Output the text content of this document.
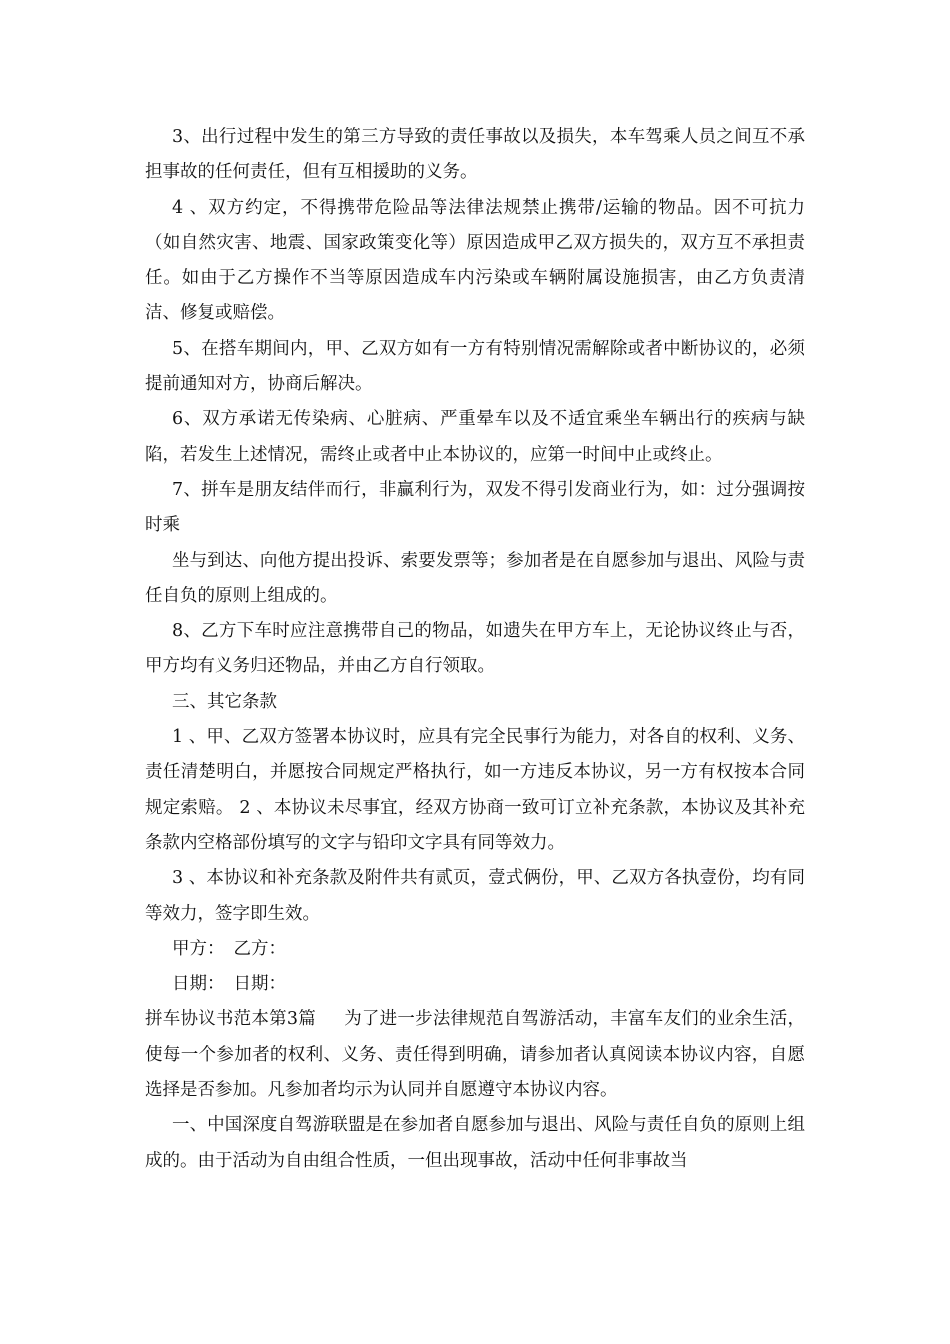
3、出行过程中发生的第三方导致的责任事故以及损失，本车驾乘人员之间互不承担事故的任何责任，但有互相援助的义务。

4 、双方约定，不得携带危险品等法律法规禁止携带/运输的物品。因不可抗力（如自然灾害、地震、国家政策变化等）原因造成甲乙双方损失的，双方互不承担责任。如由于乙方操作不当等原因造成车内污染或车辆附属设施损害，由乙方负责清洁、修复或赔偿。

5、在搭车期间内，甲、乙双方如有一方有特别情况需解除或者中断协议的，必须提前通知对方，协商后解决。

6、双方承诺无传染病、心脏病、严重晕车以及不适宜乘坐车辆出行的疾病与缺陷，若发生上述情况，需终止或者中止本协议的，应第一时间中止或终止。

7、拼车是朋友结伴而行，非赢利行为，双发不得引发商业行为，如：过分强调按时乘

坐与到达、向他方提出投诉、索要发票等；参加者是在自愿参加与退出、风险与责任自负的原则上组成的。

8、乙方下车时应注意携带自己的物品，如遗失在甲方车上，无论协议终止与否，甲方均有义务归还物品，并由乙方自行领取。

三、其它条款

1 、甲、乙双方签署本协议时，应具有完全民事行为能力，对各自的权利、义务、责任清楚明白，并愿按合同规定严格执行，如一方违反本协议，另一方有权按本合同规定索赔。 2 、本协议未尽事宜，经双方协商一致可订立补充条款，本协议及其补充条款内空格部份填写的文字与铅印文字具有同等效力。

3 、本协议和补充条款及附件共有贰页，壹式俩份，甲、乙双方各执壹份，均有同等效力，签字即生效。

甲方： 乙方：

日期： 日期：

拼车协议书范本第3篇 为了进一步法律规范自驾游活动，丰富车友们的业余生活，使每一个参加者的权利、义务、责任得到明确，请参加者认真阅读本协议内容，自愿选择是否参加。凡参加者均示为认同并自愿遵守本协议内容。

一、中国深度自驾游联盟是在参加者自愿参加与退出、风险与责任自负的原则上组成的。由于活动为自由组合性质，一但出现事故，活动中任何非事故当
